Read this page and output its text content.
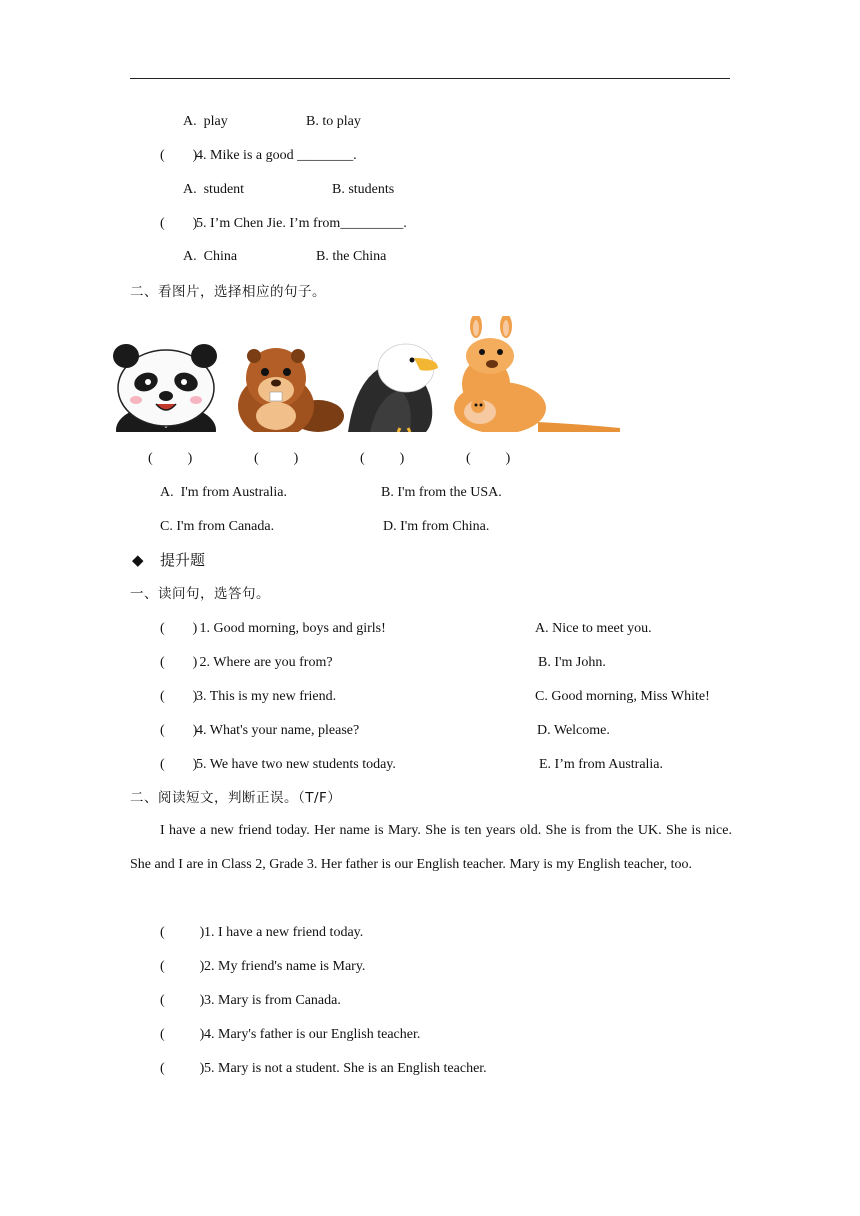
A.  play	B. to play
(        )
4. Mike is a good ________.
A.  student	B. students
(        )
5. I’m Chen Jie. I’m from_________.
A.  China	B. the China
二、看图片，选择相应的句子。
(          )	(          )	(          )	(          )
A.  I'm from Australia.	B. I'm from the USA.
C. I'm from Canada.	D. I'm from China.
◆ 提升题
一、读问句，选答句。
(        )
1. Good morning, boys and girls!	A. Nice to meet you.
(        )
2. Where are you from?	B. I'm John.
(        )
3. This is my new friend.	C. Good morning, Miss White!
(        )
4. What's your name, please?	D. Welcome.
(        )
5. We have two new students today.	E. I’m from Australia.
二、阅读短文，判断正误。（T/F）
I have a new friend today. Her name is Mary. She is ten years old. She is from the UK. She is nice. She and I are in Class 2, Grade 3. Her father is our English teacher. Mary is my English teacher, too.
(          ) 1. I have a new friend today.
(          ) 2. My friend's name is Mary.
(          ) 3. Mary is from Canada.
(          ) 4. Mary's father is our English teacher.
(          ) 5. Mary is not a student. She is an English teacher.
